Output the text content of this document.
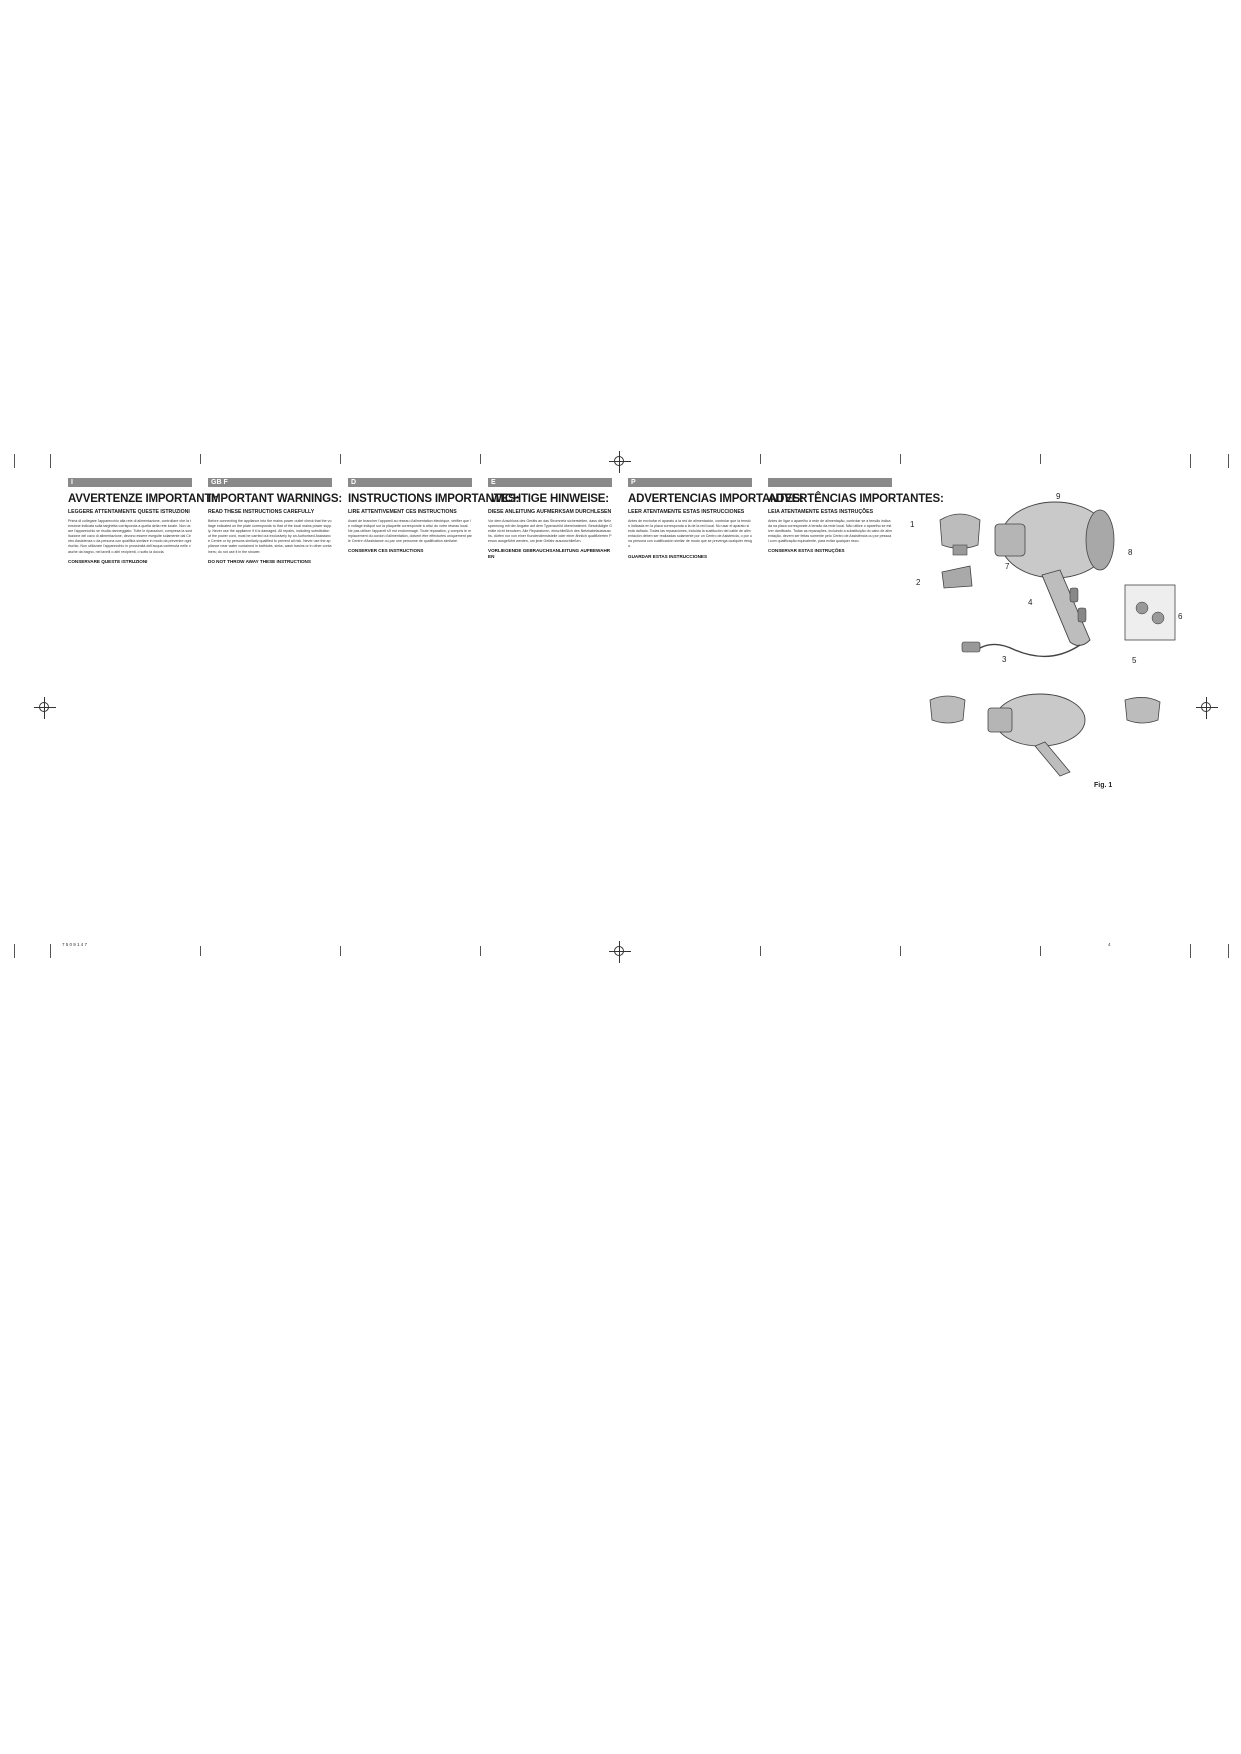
I
AVVERTENZE IMPORTANTI:
LEGGERE ATTENTAMENTE QUESTE ISTRUZIONI

Prima di collegare l'apparecchio alla rete di alimentazione, controllare che la tensione indicata sulla targhetta corrisponda a quella della rete locale. Non usare l'apparecchio se risulta danneggiato. Tutte le riparazioni, compresa la sostituzione del cavo di alimentazione, devono essere eseguite solamente dal Centro Assistenza o da persona con qualifica similare in modo da prevenire ogni rischio. Non utilizzare l'apparecchio in prossimità dell'acqua contenuta nelle vasche da bagno, nei lavelli o altri recipienti, o sotto la doccia.

CONSERVARE QUESTE ISTRUZIONI
GB F
IMPORTANT WARNINGS:
READ THESE INSTRUCTIONS CAREFULLY

Before connecting the appliance into the mains power outlet check that the voltage indicated on the plate corresponds to that of the local mains power supply. Never use the appliance if it is damaged. All repairs, including substitution of the power cord, must be carried out exclusively by an Authorised Assistance Centre or by persons similarly qualified to prevent all risk. Never use the appliance near water contained in bathtubs, sinks, wash basins or in other containers; do not use it in the shower.

DO NOT THROW AWAY THESE INSTRUCTIONS
D
INSTRUCTIONS IMPORTANTES:
LIRE ATTENTIVEMENT CES INSTRUCTIONS

Avant de brancher l'appareil au réseau d'alimentation électrique, vérifier que le voltage indiqué sur la plaquette corresponde à celui du votre réseau local. Ne pas utiliser l'appareil s'il est endommagé. Toute réparation, y compris le remplacement du cordon d'alimentation, doivent être effectuées uniquement par le Centre d'Assistance ou par une personne de qualification similaire.

CONSERVER CES INSTRUCTIONS
E
WICHTIGE HINWEISE:
DIESE ANLEITUNG AUFMERKSAM DURCHLESEN

Vor dem Anschluss des Geräts an das Stromnetz sicherstellen, dass die Netzspannung mit der Angabe auf dem Typenschild übereinstimmt. Beschädigte Geräte nicht benutzen. Alle Reparaturen, einschließlich des Netzkabelaustauschs, dürfen nur von einer Kundendienststelle oder einer ähnlich qualifizierten Person ausgeführt werden, um jede Gefahr auszuschließen.

VORLIEGENDE GEBRAUCHSANLEITUNG AUFBEWAHREN
P
ADVERTENCIAS IMPORTANTES:
LEER ATENTAMENTE ESTAS INSTRUCCIONES

Antes de enchufar el aparato a la red de alimentación, controlar que la tensión indicada en la placa corresponda a la de la red local. No usar el aparato si está dañado. Todas las reparaciones, incluida la sustitución del cable de alimentación deben ser realizadas solamente por un Centro de Asistencia, o por una persona con cualificación similar de modo que se prevenga cualquier riesgo.

GUARDAR ESTAS INSTRUCCIONES
ADVERTÊNCIAS IMPORTANTES:
LEIA ATENTAMENTE ESTAS INSTRUÇÕES

Antes de ligar o aparelho à rede de alimentação, controlar se a tensão indicada na placa corresponde à tensão da rede local. Não utilize o aparelho se estiver danificado. Todas as reparações, incluindo a substituição do cabo de alimentação, devem ser feitas somente pelo Centro de Assistência ou por pessoal com qualificação equivalente, para evitar qualquer risco.

CONSERVAR ESTAS INSTRUÇÕES
1
2
3
4
5
6
7
8
9
Fig. 1
7 5 0 9 1 4 7	4
